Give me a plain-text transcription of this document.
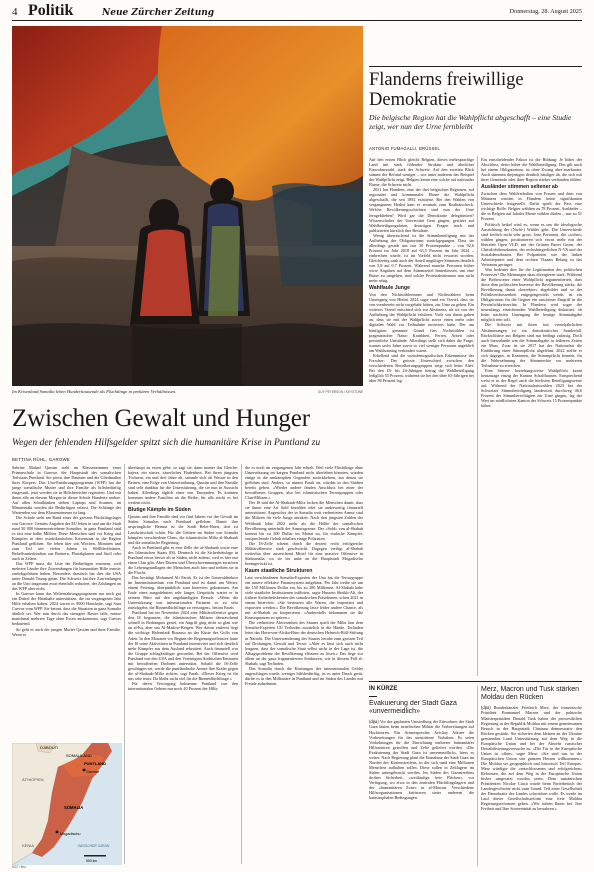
4 Politik	Neue Zürcher Zeitung	Donnerstag, 28. August 2025
Im Krisenland Somalia leben Hunderttausende als Flüchtlinge in prekären Verhältnissen.	GUY PETERSON / KEYSTONE
Zwischen Gewalt und Hunger
Wegen der fehlenden Hilfsgelder spitzt sich die humanitäre Krise in Puntland zu
BETTINA RÜHL, GAROWE

Sabrine Mahad Qassim steht im Klassenzimmer einer Primarschule in Garowe, der Hauptstadt des somalischen Teilstaats Puntland. Sie presst ihre Daumen und die Gliedmaßen ihres Körpers. Das Uno-Ernährungsprogramm (WFP) hat die junge somalische Mutter und ihre Familie als hilfsbedürftig eingestuft, jetzt werden sie in Hilfsbereichte registriert. Und mit ihnen alle an diesem Morgen in dieser Schule Hunderte andere. Auf allen Schulbänken stehen Laptops und Scanner, im Minutentakt werden die Bedürftigen erfasst. Die Schlange der Wartenden vor dem Klassenzimmer ist lang.

Die Schule steht am Rand eines der grossen Flüchtlingslager von Garowe. Gemäss Angaben der EU leben in und um die Stadt rund 50 000 binnenvertriebene Somalier, in ganz Puntland sind es fast eine halbe Million. Diese Menschen sind vor Krieg und Kämpfen in dem ostafrikanischen Krisenstaat in die Region Puntland geflohen. Sie leben hier seit Wochen, Monaten und zum Teil seit vielen Jahren in Wellblechhütten, Behelfsunterkünften aus Brettern, Plastikplanen und Stoff oder auch in Zelten.

Das WFP muss die Liste der Bedürftigen erneuern, weil mehrere Länder ihre Zuwendungen für humanitäre Hilfe massiv zurückgefahren haben. Besonders drastisch hat dies die USA unter Donald Trump getan. Die Schweiz hat ihre Zuwendungen an die Uno insgesamt zwar ebenfalls reduziert, der Zahlungen an das WFP aber nicht.

In Garowe kann das Welternährungsprogramm nur noch gut ein Drittel der Haushalte unterstützen, die im vergangenen Jahr Hilfe erhalten haben. 2024 waren es 9000 Haushalte, sagt Sara Cuevas vom WFP. Sie betont, dass die Situation in ganz Somalia ähnlich sei. Wer nun durch das strengere Raster falle, müsse manchmal mehrere Tage ohne Essen auskommen, sagt Cuevas bedauernd.

So geht es auch der jungen Mutter Qassim und ihrer Familie. Wenn es

überhaupt zu essen gebe, so sagt sie, dann immer das Gleiche: bajera, ein süsses, säuerliches Fladenbrot. Bei ihren jüngsten Töchtern, ein und drei Jahre alt, sammle sich oft Wasser in den Beinen, eine Folge von Unterernährung. Qassim und ihre Familie sind sehr dankbar für die Unterstützung, die sie nun in Aussicht haben. Allerdings täglich einer von Tausenden. Es konnten kommen andere Familien an die Reihe, für alle reicht es bei weitem nicht.

Blutige Kämpfe im Süden

Qassim und ihre Familie sind vor fünf Jahren vor der Gewalt im Süden Somalias nach Puntland geflohen. Damit ihre ursprüngliche Heimat ist die Stadt Belet-Huen, dort ist Landwirtschaft schön. Für die Gebiete im Süden von Somalia kämpfen verschiedene Clans, die islamistische Miliz al-Shabaab und die somalische Regierung.

Auch in Puntland gibt es eine Zelle der al-Shabaab sowie eine des Islamischen Staats (IS). Dennoch ist die Sicherheitslage in Puntland etwas besser als in Süden, nicht zuletzt, weil es hier nur einen Clan gibt. Aber Dürren und Überschwemmungen zerstören die Lebensgrundlagen der Menschen auch hier und treiben sie in die Flucht.

Das bestätigt Mohamed Ali Farah. Er ist der Generaldirektor im Innenministerium von Puntland und ist damit am Wetter, einem Feiertag, überpünktlich zum Interview gekommen. Am Ende eines ausgedehnten sehr langes Gesprächs wartet er in seinem Büro auf den angekündigten Besuch. «Wenn die Unterstützung von internationalen Partnern so zu sehr zurückgehe, die Binnenflüchtlinge zu versorgen», betont Farah.

Puntland hat im November 2024 eine Militäroffensive gegen den IS begonnen, die islamistischen Milizen überraschend schnell in Bedrängnis geriet, ein Angriff ging nicht so glatt wie an al-Ka, aber um Al-Madow-Bergen. Wer davon entfernt liegt die wichtige Hafenstadt Bosaaso an der Küste des Golfs von Aden. In den Monaten vor Beginn der Regierungsoffensive hatte der IS seine Aktivitäten in Puntland intensiviert und sich deutlich mehr Kämpfer aus dem Ausland rekrutiert. Auch finanziell war die Gruppe schlagkräftiger geworden. Bei der Offensive wird Puntland von den USA und den Vereinigten Arabischen Emiraten mit bewaffneten Drohnen unterstützt. Sobald die IS-Zelle geschlagen sei, werde die puntländische Armee ihre Kräfte gegen die al-Shabaab-Miliz richten, sagt Farah. «Dieser Krieg ist für uns sehr teuer. Da bleibt nicht viel für die Binnenflüchtlinge.»

Für deren Versorgung bekomme Puntland von den internationalen Gebern nur noch 40 Prozent der Hilfe,

die es noch im vergangenen Jahr erhielt. Weil viele Flüchtlinge ohne Unterstützung im kargen Puntland nicht überleben könnten, würden einige in die umkämpften Gegenden zurückkehren, aus denen sie geflohen sind. Anders; so nimmt Farah an, würden in den Städten bereits geben. «Wieder andere fänden Anschluss bei einer der bewaffneten Gruppen, also bei islamistischen Terrorgruppen oder Clan-Milizen.»

Der IS und die Al-Shabaab-Miliz locken die Menschen damit, dass sie ihnen eine Art Sold bezahlen oder sie anderweitig finanziell unterstützen. Angesichts der in Somalia weit verbreiteten Armut sind die Milizen für viele Junge attraktiv. Nach den jüngsten Zahlen der Weltbank lebte 2022 mehr als die Hälfte der somalischen Bevölkerung unterhalb der Armutsgrenze. Der «Sold» von al-Shabab kommt bis zu 300 Dollar im Monat zu, für einfache Kämpfer, entsprechende Gehalt erhalten einige Polizisten.

Die IS-Zelle scheint durch die derzeit recht erfolgreiche Militäroffensive stark geschwächt. Dagegen verfügt al-Shabab weiterhin über ausreichend Mittel für eine massive Offensive in Südsomalia, wo sie bis nahe an die Hauptstadt Mogadischu herangerückt ist.

Kaum staatliche Strukturen

Laut verschiedenen Somalia-Experten der Uno hat die Terrorgruppe ein unsere effektive Finanzsystem aufgebaut. Pro Jahr treibe sie um die 150 Millionen Dollar ein, bis zu 200 Millionen. Al-Shabab habe viele staatliche Institutionen infiltriert, sagte Hussein Sheikh-Ali, der frühere Sicherheitsberater des somalischen Präsidenten, schon 2021 in einem Interview. «Sie besteuern alle Waren, die importiert und exportiert werden.» Die Bevölkerung fasse leider andere Chance, als mit al-Shabab zu kooperieren. «Andernfalls bekommen sie die Konsequenzen zu spüren.»

Die verbreitete Abwesenheit des Staates spielt der Miliz laut dem Somalia-Experten Ulf Terlinden zusätzlich in die Hände. Terlinden leitet das Horn-von-Afrika-Büro der deutschen Heinrich-Böll-Stiftung in Nairobi. Die Unterwanderung des Staates beruhe zum grossen Teil auf Drohungen, Gewalt und Terror. «Aber es lässt sich auch nicht leugnen, dass der somalische Staat selbst nicht in der Lage ist, die Alltagsprobleme der Bevölkerung effizient zu lösen.» Das liege vor allem an der ganz fragmentierten Strukturen, wie in diesem Fall al-Shabab, sagt Terlinden.

Das Somalia durch die Kürzungen der internationalen Gelder angeschlagen wurde, weniger hilfsbedürftig, ist es unter Druck gerät, dürfte es in den Millionäre in Puntland und im Süden des Landes mit Freude aufnehmen.

DJIBOUTI
SOMALILAND
PUNTLAND
Garowe
ÄTHIOPIEN
SOMALIA
Mogadischu
KENIA	INDISCHER OZEAN
500 km
NZZ / Bru.
Flanderns freiwillige Demokratie
Die belgische Region hat die Wahlpflicht abgeschafft – eine Studie zeigt, wer nun der Urne fernbleibt
ANTONIO FUMAGALLI, BRÜSSEL

Auf den ersten Blick gleicht Belgien, dieses mehrsprachige Land mit stark föderaler Struktur und ähnlicher Einwohnerzahl, stark der Schweiz. Auf den zweiten Blick stimmt der Befund weniger – wie unter anderem das Beispiel der Wahlpflicht zeigt. Belgien kennt eine solche auf nationaler Ebene, die Schweiz nicht.

2021 hat Flandern, eine der drei belgischen Regionen, auf regionaler und kommunaler Ebene die Wahlpflicht abgeschafft, die seit 1892 existierte. Bei den Wahlen von vergangenem Herbst kam es erstmals zum Realitätscheck. Welche Bevölkerungsschichten sind nun der Urne ferngeblieben? Wird gar die Demokratie delegitimiert? Wissenschafter der Universität Gent gingen, gestützt auf Wahlbeteiligungsdaten, derartigen Fragen nach und publizierten kürzlich ihre Resultate.

Wenig überraschend ist die Stimmbeteiligung mit der Aufhebung des Obligatoriums zurückgegangen. Dass sie allerdings gerade um fast 30 Prozentpunkte – von 92,6 Prozent im Jahr 2018 auf 63,5 Prozent im Jahr 2024 – einbrechen würde, ist im Vorfeld nicht erwartet worden. Gleichzeitig sank auch der Anteil ungültiger Stimmen deutlich von 5,8 auf 0,7 Prozent. Während manche Personen früher wirre Angaben auf dem Stimmzettel hinterliessen, um eine Busse zu umgehen, sind solche Protestabstimmen nun nicht mehr nötig.

Wahlfaule Junge

Von den Nichtwählerinnen und Nichtwählern beim Urnengang von Herbst 2024 sagte rund ein Viertel, dass sie von vornherein nicht vorgehabt hätten, zur Urne zu gehen. Ein weiteres Viertel entschied sich zur Abstinenz, als sie von der Aufhebung der Wahlpflicht erfuhren. Viele von ihnen gaben an, dass sie mit der Wahlpflicht zuvor einen mehr oder digitalen Wahl zur Teilnahme motiviert hätte. Der am häufigsten genannte Grund fürs Nichtwählen ist pragmatischer Natur: Krankheit, Ferien, Arbeit oder persönliche Umstände. Allerdings stellt sich dabei die Frage, warum sechs Jahre zuvor so viel weniger Personen angeblich am Wahlsonntag verhindert waren.

Erhellend sind die soziodemografischen Erkenntnisse der Forscher: Der grösste Unterschied zwischen den verschiedenen Bevölkerungsgruppen zeigt sich beim Alter. Bei den 18- bis 24-Jährigen betrug die Wahlbeteiligung lediglich 55 Prozent, während sie bei den über 65-Jährigen bei über 86 Prozent lag.

Ein entscheidender Faktor ist die Bildung: Je höher der Abschluss, desto höher die Wahlbeteiligung. Das gilt auch bei einem Obligatorium, ist ohne Zwang aber markanter. Auch stimmen diejenigen deutlich häufiger ab, die sich mit ihrer Gemeinde oder ihrer Region stärker verbunden fühlen.

Ausländer stimmen seltener ab

Zwischen dem Wahlverhalten von Frauen und dem von Männern wurden in Flandern keine signifikanten Unterschiede festgestellt. Dafür spielt der Pass eine wichtige Rolle: Belgier wählten zu 78 Prozent, Ausländer – die in Belgien auf lokaler Ebene wählen dürfen – nur zu 51 Prozent.

Politisch heikel wird es, wenn es um die ideologische Ausrichtung der (Nicht-) Wähler geht. Die Unterschiede sind freilich nicht sehr gross. Jene Personen, die «sicher» wählen gingen, positionieren sich etwas mehr mit der liberalen Open VLD, mit der Grünen Partei Groen, der Christlichdemokraten, der rechtsbürgerlichen N-VA und der Sozialdemokraten. Bei Polparteien wie der linken Arbeiterpartei und dem rechten Vlaams Belang ist das Vertrauen geringer.

Was bedeutet dies für die Legitimation des politischen Prozesses? Die Meinungen dazu divergieren stark. Während die Befürworter einer Wahlpflicht argumentierten, dass diese dem politischen Interesse der Bevölkerung stärke, die Bevölkerung damit «korrekter» abgebildet und so der Politikverdrossenheit entgegengewirkt werde, ist ein Obligatorium für die Gegner ein unschöner Eingriff in die Persönlichkeitsrechte. In Flandern wird sogar der neuenfangs einrichtenden Wahlbeteiligung diskutiert, ob beim nächsten Urnengang die heutige Stimmabgabe möglich sein soll.

Die Schweiz mit ihren fast vierteljährlichen Abstimmungen ist ein demokratischer Sonderfall. Rückschlüsse aus Belgien sind nur bedingt zulässig. Doch auch hierzulande war die Stimmabgabe in früheren Zeiten ein Muss. Zwar ist sie 2017 hat der Nationalrat die Einführung einer Stimmpflicht abgelehnt, 2022 stellte er sich dagegen, in Kantonen, die Stimmpflicht kennen, für die Wahrnehmung der Stimmrechte vor mehreren Teilnahme zu erreichen.

Eine Stimm- beziehungsweise Wahlpflicht kennt heutzutage einzig der Kanton Schaffhausen. Entsprechend weist er in der Regel auch die höchsten Beteiligungswerte auf. Während der Nationalratswahlen 2023 bei der Schweizer Stimmbeteiligung landesweit durchweg 46,6 Prozent der Stimmberechtigten zur Urne gingen, lag der Wert im nördlichsten Kanton der Schweiz 15 Prozentpunkte höher.

IN KÜRZE
Evakuierung der Stadt Gaza «unvermeidlich»
(dpa) Vor der geplanten Umsiedlung der Einwohner der Stadt Gaza läuten beim israelischen Militär die Vorbereitungen auf Hochtouren. Ein Armeesprecher Avichay Adraee die Vorbereitungen für das umstrittene Vorhaben. Es seien Vorkehrungen für die Einrichtung mehrerer humanitärer Hilfszentren getroffen und Zelte geliefert worden. «Die Evakuierung der Stadt Gaza ist unvermeidlich», hiess es weiter. Nach Regierung plant die Einnahme der Stadt Gaza im Norden des Küstenstreifens, in der sich rund eine Millionen Menschen aufhalten sollen. Diese sollen in Zeltlagern im Süden untergebracht werden. Im Süden des Gazastreifens drohen Sicherheit, «weitläufige freie Flächen», vor Verfügung, wo etwa in den zentralen Flüchtlingslagern und der «humanitären Zone» in al-Mawasi. Verschiedene Hilfsorganisationen kritisieren unter anderem die katastrophalen Bedingungen.
Merz, Macron und Tusk stärken Moldau den Rücken
(dpa) Bundeskanzler Friedrich Merz, der französische Präsident Emmanuel Macron und der polnische Ministerpräsident Donald Tusk haben der prowestlichen Regierung in der Republik Moldau mit einem gemeinsamen Besuch in der Hauptstadt Chisinau demonstrativ den Rücken gestärkt. Sie sicherten dem kleinen an der Ukraine grenzenden Land Unterstützung auf dem Weg in die Europäische Union und bei der Abwehr russischer Destabilisierungsversuche zu. «Die Tür in die Europäische Union ist offen», sagte Merz. «Sie sind uns in der Europäischen Union von ganzem Herzen willkommen.» Die Moldau sei geographisch und historisch Teil Europas. Merz würdigte die «entschlossenen und erfolgreichen» Reformen, die auf dem Weg in die Europäische Union bisher umgesetzt worden seien. Dem rumänischen Präsidenten Nicolae Ciucă wurde beim Parteibesuch der Landesgeschichte nicht zum Grund. Teil einer Gesellschaft der Demokratie des Landes schwächen wolle. Es werde im Lauf dieser Gesellschaftsreform eine freie Moldau Regierungsreformen geben. «Wir stehen Ihnen bei. Ihre Freiheit und Ihre Souveränität zu bewahren.»
